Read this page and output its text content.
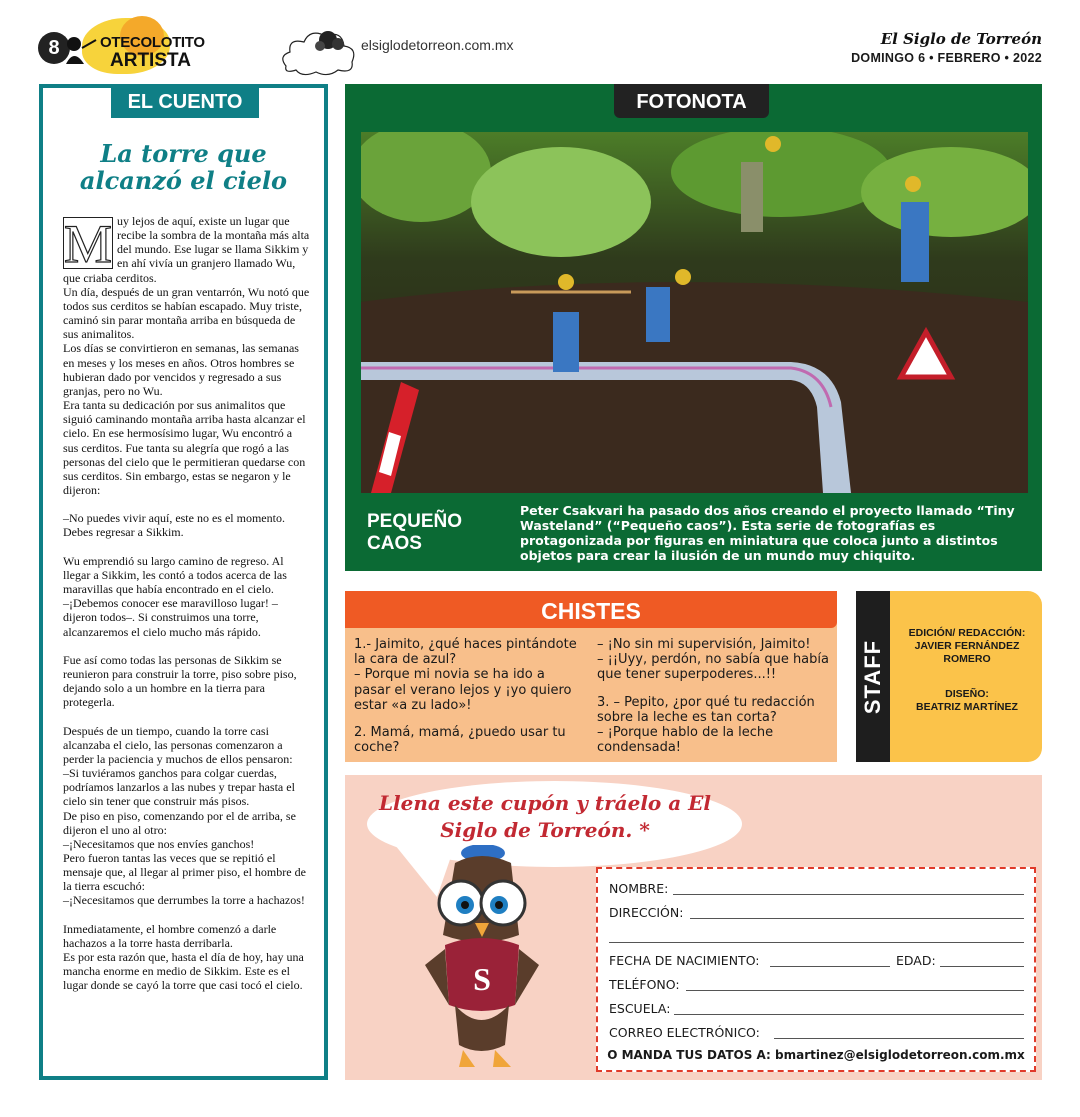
8	OTECOLOTITO
ARTISTA
elsiglodetorreon.com.mx	El Siglo de Torreón
DOMINGO 6 • FEBRERO • 2022
EL CUENTO
La torre que alcanzó el cielo
M uy lejos de aquí, existe un lugar que recibe la sombra de la montaña más alta del mundo. Ese lugar se llama Sikkim y en ahí vivía un granjero llamado Wu, que criaba cerditos.

Un día, después de un gran ventarrón, Wu notó que todos sus cerditos se habían escapado. Muy triste, caminó sin parar montaña arriba en búsqueda de sus animalitos.

Los días se convirtieron en semanas, las semanas en meses y los meses en años. Otros hombres se hubieran dado por vencidos y regresado a sus granjas, pero no Wu.

Era tanta su dedicación por sus animalitos que siguió caminando montaña arriba hasta alcanzar el cielo. En ese hermosísimo lugar, Wu encontró a sus cerditos. Fue tanta su alegría que rogó a las personas del cielo que le permitieran quedarse con sus cerditos. Sin embargo, estas se negaron y le dijeron:

–No puedes vivir aquí, este no es el momento. Debes regresar a Sikkim.

Wu emprendió su largo camino de regreso. Al llegar a Sikkim, les contó a todos acerca de las maravillas que había encontrado en el cielo.

–¡Debemos conocer ese maravilloso lugar! –dijeron todos–. Si construimos una torre, alcanzaremos el cielo mucho más rápido.

Fue así como todas las personas de Sikkim se reunieron para construir la torre, piso sobre piso, dejando solo a un hombre en la tierra para protegerla.

Después de un tiempo, cuando la torre casi alcanzaba el cielo, las personas comenzaron a perder la paciencia y muchos de ellos pensaron:

–Si tuviéramos ganchos para colgar cuerdas, podríamos lanzarlos a las nubes y trepar hasta el cielo sin tener que construir más pisos.

De piso en piso, comenzando por el de arriba, se dijeron el uno al otro:

–¡Necesitamos que nos envíes ganchos!

Pero fueron tantas las veces que se repitió el mensaje que, al llegar al primer piso, el hombre de la tierra escuchó:

–¡Necesitamos que derrumbes la torre a hachazos!

Inmediatamente, el hombre comenzó a darle hachazos a la torre hasta derribarla.

Es por esta razón que, hasta el día de hoy, hay una mancha enorme en medio de Sikkim. Este es el lugar donde se cayó la torre que casi tocó el cielo.

FOTONOTA
PEQUEÑO CAOS
Peter Csakvari ha pasado dos años creando el proyecto llamado “Tiny Wasteland” (“Pequeño caos”). Esta serie de fotografías es protagonizada por figuras en miniatura que coloca junto a distintos objetos para crear la ilusión de un mundo muy chiquito.
CHISTES

1.- Jaimito, ¿qué haces pintándote la cara de azul?

– Porque mi novia se ha ido a pasar el verano lejos y ¡yo quiero estar «a zu lado»!

2. Mamá, mamá, ¿puedo usar tu coche?

– ¡No sin mi supervisión, Jaimito!

– ¡¡Uyy, perdón, no sabía que había que tener superpoderes...!!

3. – Pepito, ¿por qué tu redacción sobre la leche es tan corta?

– ¡Porque hablo de la leche condensada!

STAFF
EDICIÓN/ REDACCIÓN:
JAVIER FERNÁNDEZ ROMERO
DISEÑO:
BEATRIZ MARTÍNEZ
Llena este cupón y tráelo a El Siglo de Torreón. *
S
NOMBRE:
DIRECCIÓN:
FECHA DE NACIMIENTO:	EDAD:
TELÉFONO:
ESCUELA:
CORREO ELECTRÓNICO:
O MANDA TUS DATOS A: bmartinez@elsiglodetorreon.com.mx
